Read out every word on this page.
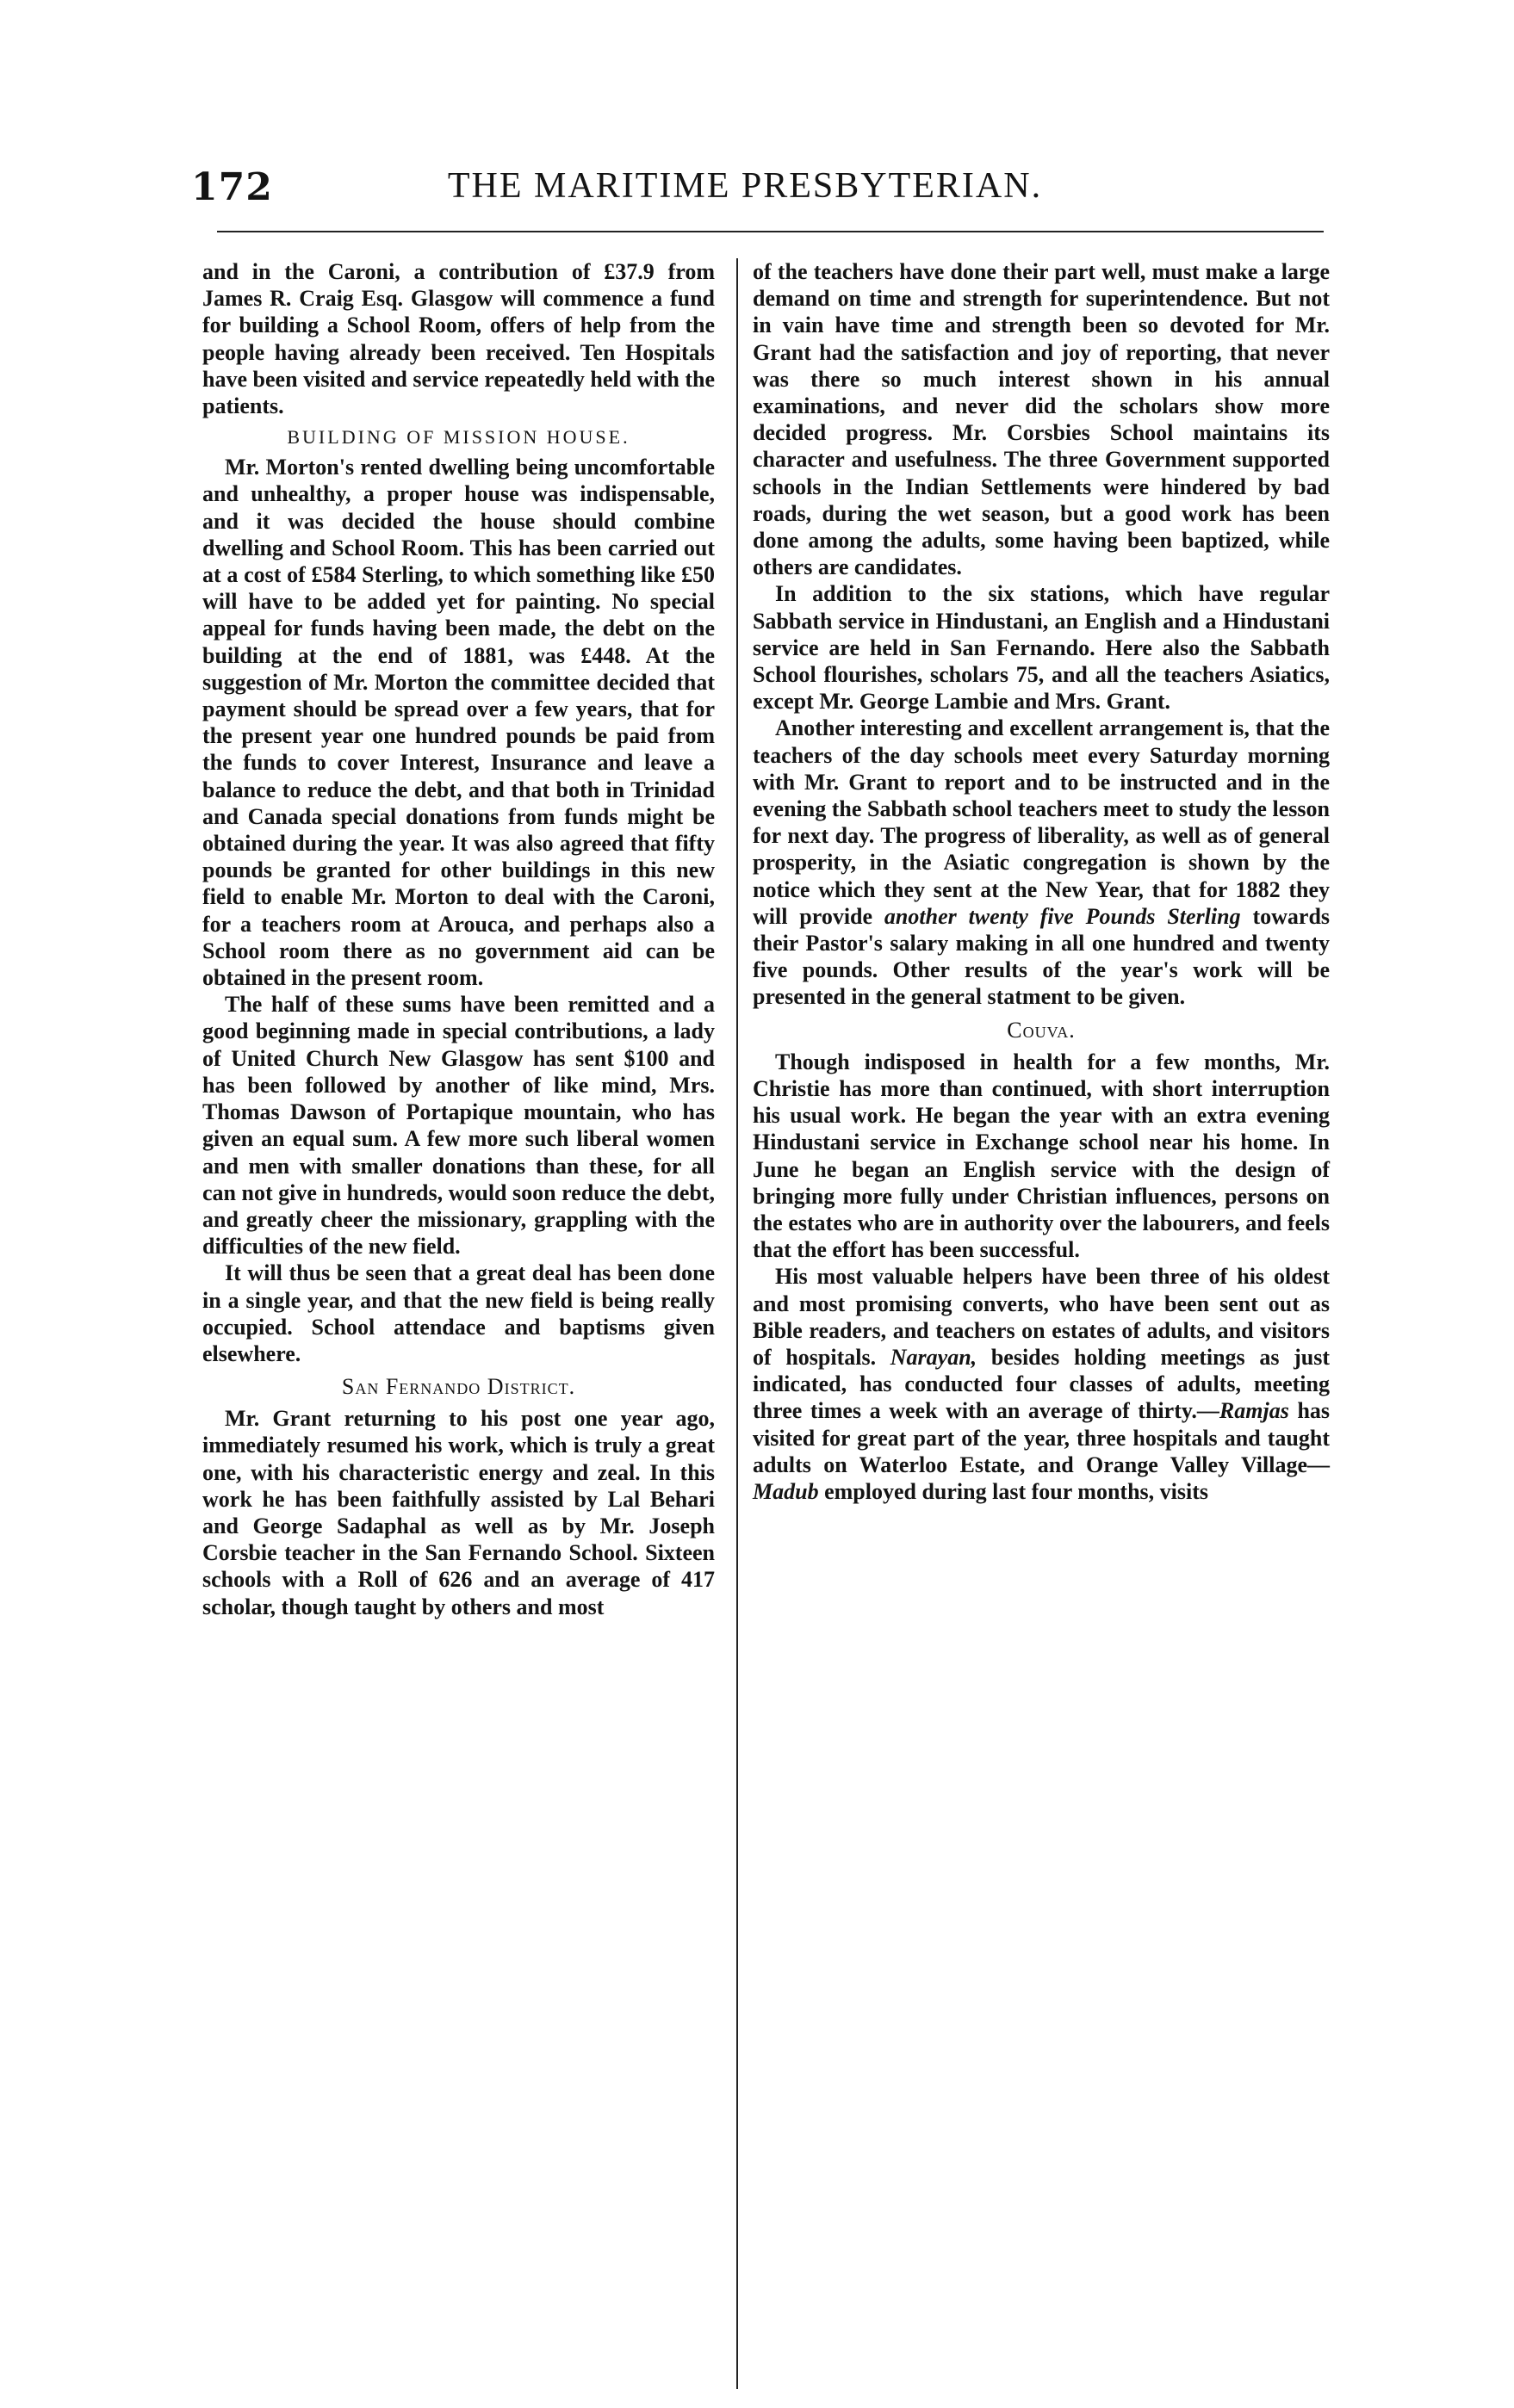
172	THE MARITIME PRESBYTERIAN.

and in the Caroni, a contribution of £37.9 from James R. Craig Esq. Glasgow will commence a fund for building a School Room, offers of help from the people having already been received. Ten Hospitals have been visited and service repeatedly held with the patients.

BUILDING OF MISSION HOUSE.

Mr. Morton's rented dwelling being uncomfortable and unhealthy, a proper house was indispensable, and it was decided the house should combine dwelling and School Room. This has been carried out at a cost of £584 Sterling, to which something like £50 will have to be added yet for painting. No special appeal for funds having been made, the debt on the building at the end of 1881, was £448. At the suggestion of Mr. Morton the committee decided that payment should be spread over a few years, that for the present year one hundred pounds be paid from the funds to cover Interest, Insurance and leave a balance to reduce the debt, and that both in Trinidad and Canada special donations from funds might be obtained during the year. It was also agreed that fifty pounds be granted for other buildings in this new field to enable Mr. Morton to deal with the Caroni, for a teachers room at Arouca, and perhaps also a School room there as no government aid can be obtained in the present room.

The half of these sums have been remitted and a good beginning made in special contributions, a lady of United Church New Glasgow has sent $100 and has been followed by another of like mind, Mrs. Thomas Dawson of Portapique mountain, who has given an equal sum. A few more such liberal women and men with smaller donations than these, for all can not give in hundreds, would soon reduce the debt, and greatly cheer the missionary, grappling with the difficulties of the new field.

It will thus be seen that a great deal has been done in a single year, and that the new field is being really occupied. School attendace and baptisms given elsewhere.

San Fernando District.

Mr. Grant returning to his post one year ago, immediately resumed his work, which is truly a great one, with his characteristic energy and zeal. In this work he has been faithfully assisted by Lal Behari and George Sadaphal as well as by Mr. Joseph Corsbie teacher in the San Fernando School. Sixteen schools with a Roll of 626 and an average of 417 scholar, though taught by others and most

of the teachers have done their part well, must make a large demand on time and strength for superintendence. But not in vain have time and strength been so devoted for Mr. Grant had the satisfaction and joy of reporting, that never was there so much interest shown in his annual examinations, and never did the scholars show more decided progress. Mr. Corsbies School maintains its character and usefulness. The three Government supported schools in the Indian Settlements were hindered by bad roads, during the wet season, but a good work has been done among the adults, some having been baptized, while others are candidates.

In addition to the six stations, which have regular Sabbath service in Hindustani, an English and a Hindustani service are held in San Fernando. Here also the Sabbath School flourishes, scholars 75, and all the teachers Asiatics, except Mr. George Lambie and Mrs. Grant.

Another interesting and excellent arrangement is, that the teachers of the day schools meet every Saturday morning with Mr. Grant to report and to be instructed and in the evening the Sabbath school teachers meet to study the lesson for next day. The progress of liberality, as well as of general prosperity, in the Asiatic congregation is shown by the notice which they sent at the New Year, that for 1882 they will provide another twenty five Pounds Sterling towards their Pastor's salary making in all one hundred and twenty five pounds. Other results of the year's work will be presented in the general statment to be given.

Couva.

Though indisposed in health for a few months, Mr. Christie has more than continued, with short interruption his usual work. He began the year with an extra evening Hindustani service in Exchange school near his home. In June he began an English service with the design of bringing more fully under Christian influences, persons on the estates who are in authority over the labourers, and feels that the effort has been successful.

His most valuable helpers have been three of his oldest and most promising converts, who have been sent out as Bible readers, and teachers on estates of adults, and visitors of hospitals. Narayan, besides holding meetings as just indicated, has conducted four classes of adults, meeting three times a week with an average of thirty.—Ramjas has visited for great part of the year, three hospitals and taught adults on Waterloo Estate, and Orange Valley Village—Madub employed during last four months, visits
